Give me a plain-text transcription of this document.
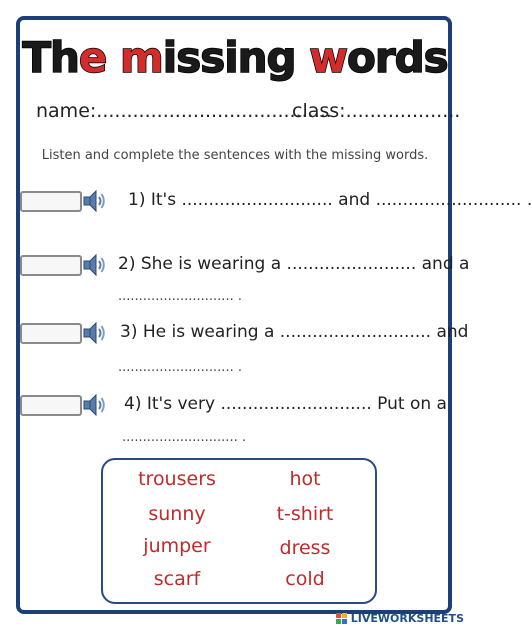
The missing words
name:.......................................
class:...................
Listen and complete the sentences with the missing words.
1) It's ............................ and ........................... .
2) She is wearing a ........................ and a
............................ .
3) He is wearing a ............................ and
............................ .
4) It's very ............................ Put on a
............................ .
trousers
sunny
jumper
scarf
hot
t-shirt
dress
cold
LIVEWORKSHEETS
